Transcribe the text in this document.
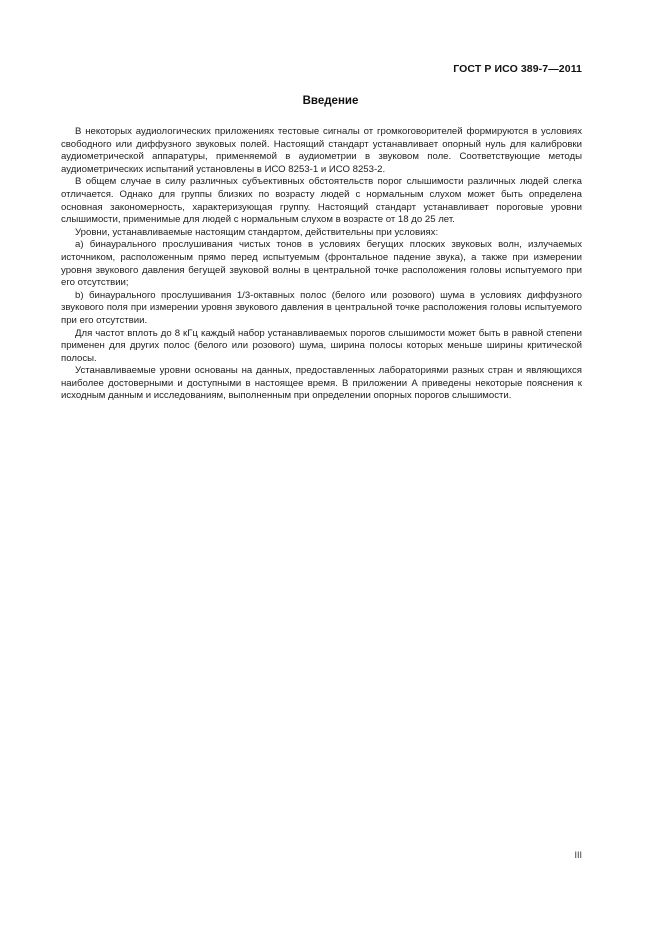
ГОСТ Р ИСО 389-7—2011
Введение

В некоторых аудиологических приложениях тестовые сигналы от громкоговорителей формируются в условиях свободного или диффузного звуковых полей. Настоящий стандарт устанавливает опорный нуль для калибровки аудиометрической аппаратуры, применяемой в аудиометрии в звуковом поле. Соответствующие методы аудиометрических испытаний установлены в ИСО 8253-1 и ИСО 8253-2.

В общем случае в силу различных субъективных обстоятельств порог слышимости различных людей слегка отличается. Однако для группы близких по возрасту людей с нормальным слухом может быть определена основная закономерность, характеризующая группу. Настоящий стандарт устанавливает пороговые уровни слышимости, применимые для людей с нормальным слухом в возрасте от 18 до 25 лет.

Уровни, устанавливаемые настоящим стандартом, действительны при условиях:

а) бинаурального прослушивания чистых тонов в условиях бегущих плоских звуковых волн, излучаемых источником, расположенным прямо перед испытуемым (фронтальное падение звука), а также при измерении уровня звукового давления бегущей звуковой волны в центральной точке расположения головы испытуемого при его отсутствии;

b) бинаурального прослушивания 1/3-октавных полос (белого или розового) шума в условиях диффузного звукового поля при измерении уровня звукового давления в центральной точке расположения головы испытуемого при его отсутствии.

Для частот вплоть до 8 кГц каждый набор устанавливаемых порогов слышимости может быть в равной степени применен для других полос (белого или розового) шума, ширина полосы которых меньше ширины критической полосы.

Устанавливаемые уровни основаны на данных, предоставленных лабораториями разных стран и являющихся наиболее достоверными и доступными в настоящее время. В приложении А приведены некоторые пояснения к исходным данным и исследованиям, выполненным при определении опорных порогов слышимости.

III
